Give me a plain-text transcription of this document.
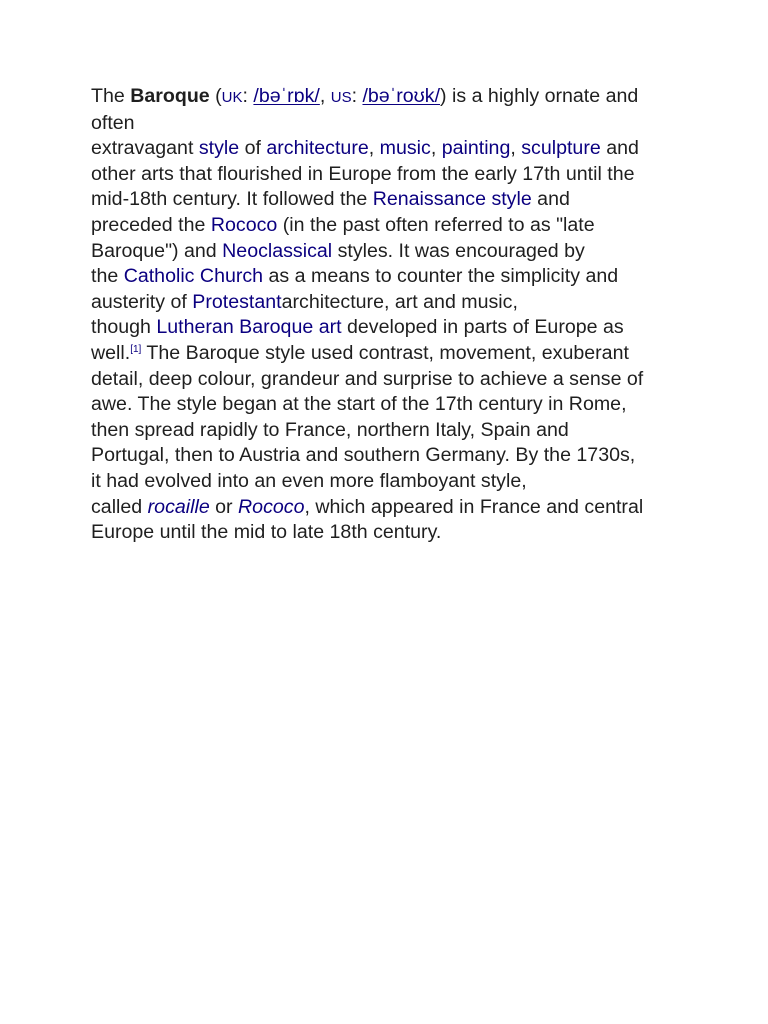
The Baroque (UK: /bəˈrɒk/, US: /bəˈroʊk/) is a highly ornate and
often
extravagant style of architecture, music, painting, sculpture and
other arts that flourished in Europe from the early 17th until the
mid-18th century. It followed the Renaissance style and
preceded the Rococo (in the past often referred to as "late
Baroque") and Neoclassical styles. It was encouraged by
the Catholic Church as a means to counter the simplicity and
austerity of Protestantarchitecture, art and music,
though Lutheran Baroque art developed in parts of Europe as
well.[1] The Baroque style used contrast, movement, exuberant
detail, deep colour, grandeur and surprise to achieve a sense of
awe. The style began at the start of the 17th century in Rome,
then spread rapidly to France, northern Italy, Spain and
Portugal, then to Austria and southern Germany. By the 1730s,
it had evolved into an even more flamboyant style,
called rocaille or Rococo, which appeared in France and central
Europe until the mid to late 18th century.
